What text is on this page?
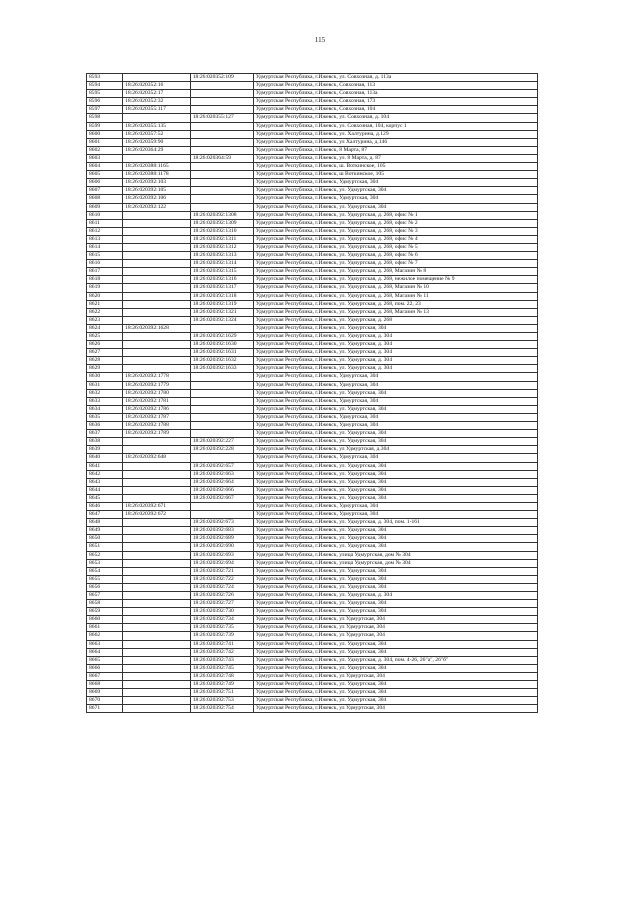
115
8593		18:26:020352:109	Удмуртская Республика, г.Ижевск, ул. Совхозная, д. 113а
8594	18:26:020352:16		Удмуртская Республика, г.Ижевск, Совхозная, 113
8595	18:26:020352:17		Удмуртская Республика, г.Ижевск, Совхозная, 113а
8596	18:26:020352:32		Удмуртская Республика, г.Ижевск, Совхозная, 173
8597	18:26:020355:117		Удмуртская Республика, г.Ижевск, Совхозная, 104
8598		18:26:020355:127	Удмуртская Республика, г.Ижевск, ул. Совхозная, д. 104
8599	18:26:020355:135		Удмуртская Республика, г.Ижевск, ул. Совхозная, 104, корпус 1
8600	18:26:020357:52		Удмуртская Республика, г.Ижевск, ул. Халтурина, д.129
8601	18:26:020359:90		Удмуртская Республика, г.Ижевск, ул Халтурина, д.146
8602	18:26:020364:29		Удмуртская Республика, г.Ижевск, 8 Марта, 87
8603		18:26:020364:59	Удмуртская Республика, г.Ижевск, ул. 8 Марта, д. 87
8604	18:26:020388:1165		Удмуртская Республика, г.Ижевск, ш. Воткинское, 105
8605	18:26:020388:1178		Удмуртская Республика, г.Ижевск, ш Воткинское, 105
8606	18:26:020392:103		Удмуртская Республика, г.Ижевск, Удмуртская, 304
8607	18:26:020392:105		Удмуртская Республика, г.Ижевск, ул. Удмуртская, 304
8608	18:26:020392:106		Удмуртская Республика, г.Ижевск, Удмуртская, 304
8609	18:26:020392:122		Удмуртская Республика, г.Ижевск, ул. Удмуртская, 304
8610		18:26:020392:1308	Удмуртская Республика, г.Ижевск, ул. Удмуртская, д. 268, офис № 1
8611		18:26:020392:1309	Удмуртская Республика, г.Ижевск, ул. Удмуртская, д. 268, офис № 2
8612		18:26:020392:1310	Удмуртская Республика, г.Ижевск, ул. Удмуртская, д. 268, офис № 3
8613		18:26:020392:1311	Удмуртская Республика, г.Ижевск, ул. Удмуртская, д. 268, офис № 4
8614		18:26:020392:1312	Удмуртская Республика, г.Ижевск, ул. Удмуртская, д. 268, офис № 5
8615		18:26:020392:1313	Удмуртская Республика, г.Ижевск, ул. Удмуртская, д. 268, офис № 6
8616		18:26:020392:1314	Удмуртская Республика, г.Ижевск, ул. Удмуртская, д. 268, офис № 7
8617		18:26:020392:1315	Удмуртская Республика, г.Ижевск, ул. Удмуртская, д. 268, Магазин № 8
8618		18:26:020392:1316	Удмуртская Республика, г.Ижевск, ул. Удмуртская, д. 268, нежилое помещение № 9
8619		18:26:020392:1317	Удмуртская Республика, г.Ижевск, ул. Удмуртская, д. 268, Магазин № 10
8620		18:26:020392:1318	Удмуртская Республика, г.Ижевск, ул. Удмуртская, д. 268, Магазин № 11
8621		18:26:020392:1319	Удмуртская Республика, г.Ижевск, ул. Удмуртская, д. 268, пом. 22, 23
8622		18:26:020392:1321	Удмуртская Республика, г.Ижевск, ул. Удмуртская, д. 268, Магазин № 13
8623		18:26:020392:1324	Удмуртская Республика, г.Ижевск, ул. Удмуртская, д. 268
8624	18:26:020392:1628		Удмуртская Республика, г.Ижевск, ул. Удмуртская, 304
8625		18:26:020392:1629	Удмуртская Республика, г.Ижевск, ул. Удмуртская, д. 304
8626		18:26:020392:1630	Удмуртская Республика, г.Ижевск, ул. Удмуртская, д. 304
8627		18:26:020392:1631	Удмуртская Республика, г.Ижевск, ул. Удмуртская, д. 304
8628		18:26:020392:1632	Удмуртская Республика, г.Ижевск, ул. Удмуртская, д. 304
8629		18:26:020392:1633	Удмуртская Республика, г.Ижевск, ул. Удмуртская, д. 304
8630	18:26:020392:1778		Удмуртская Республика, г.Ижевск, Удмуртская, 304
8631	18:26:020392:1779		Удмуртская Республика, г.Ижевск, Удмуртская, 304
8632	18:26:020392:1780		Удмуртская Республика, г.Ижевск, ул. Удмуртская, 304
8633	18:26:020392:1781		Удмуртская Республика, г.Ижевск, Удмуртская, 304
8634	18:26:020392:1786		Удмуртская Республика, г.Ижевск, ул. Удмуртская, 304
8635	18:26:020392:1787		Удмуртская Республика, г.Ижевск, Удмуртская, 304
8636	18:26:020392:1788		Удмуртская Республика, г.Ижевск, Удмуртская, 304
8637	18:26:020392:1789		Удмуртская Республика, г.Ижевск, ул. Удмуртская, 304
8638		18:26:020392:227	Удмуртская Республика, г.Ижевск, ул. Удмуртская, 304
8639		18:26:020392:228	Удмуртская Республика, г.Ижевск, ул Удмуртская, д.304
8640	18:26:020392:648		Удмуртская Республика, г.Ижевск, Удмуртская, 304
8641		18:26:020392:657	Удмуртская Республика, г.Ижевск, ул. Удмуртская, 304
8642		18:26:020392:663	Удмуртская Республика, г.Ижевск, ул. Удмуртская, 304
8643		18:26:020392:664	Удмуртская Республика, г.Ижевск, ул. Удмуртская, 304
8644		18:26:020392:666	Удмуртская Республика, г.Ижевск, ул. Удмуртская, 304
8645		18:26:020392:667	Удмуртская Республика, г.Ижевск, ул. Удмуртская, 304
8646	18:26:020392:671		Удмуртская Республика, г.Ижевск, Удмуртская, 304
8647	18:26:020392:672		Удмуртская Республика, г.Ижевск, Удмуртская, 304
8648		18:26:020392:673	Удмуртская Республика, г.Ижевск, ул. Удмуртская, д. 304, пом. 1-161
8649		18:26:020392:683	Удмуртская Республика, г.Ижевск, ул. Удмуртская, 304
8650		18:26:020392:689	Удмуртская Республика, г.Ижевск, ул. Удмуртская, 304
8651		18:26:020392:690	Удмуртская Республика, г.Ижевск, ул. Удмуртская, 304
8652		18:26:020392:693	Удмуртская Республика, г.Ижевск, улица Удмуртская, дом № 304
8653		18:26:020392:694	Удмуртская Республика, г.Ижевск, улица Удмуртская, дом № 304
8654		18:26:020392:721	Удмуртская Республика, г.Ижевск, ул. Удмуртская, 304
8655		18:26:020392:722	Удмуртская Республика, г.Ижевск, ул. Удмуртская, 304
8656		18:26:020392:724	Удмуртская Республика, г.Ижевск, ул. Удмуртская, 304
8657		18:26:020392:726	Удмуртская Республика, г.Ижевск, ул. Удмуртская, д. 304
8658		18:26:020392:727	Удмуртская Республика, г.Ижевск, ул. Удмуртская, 304
8659		18:26:020392:730	Удмуртская Республика, г.Ижевск, ул. Удмуртская, 304
8660		18:26:020392:734	Удмуртская Республика, г.Ижевск, ул Удмуртская, 304
8661		18:26:020392:735	Удмуртская Республика, г.Ижевск, ул Удмуртская, 304
8662		18:26:020392:739	Удмуртская Республика, г.Ижевск, ул Удмуртская, 304
8663		18:26:020392:741	Удмуртская Республика, г.Ижевск, ул. Удмуртская, 304
8664		18:26:020392:742	Удмуртская Республика, г.Ижевск, ул. Удмуртская, 304
8665		18:26:020392:743	Удмуртская Республика, г.Ижевск, ул. Удмуртская, д. 304, пом. 4-26, 26"а", 26"б"
8666		18:26:020392:745	Удмуртская Республика, г.Ижевск, ул. Удмуртская, 304
8667		18:26:020392:748	Удмуртская Республика, г.Ижевск, ул Удмуртская, 304
8668		18:26:020392:749	Удмуртская Республика, г.Ижевск, ул. Удмуртская, 304
8669		18:26:020392:751	Удмуртская Республика, г.Ижевск, ул. Удмуртская, 304
8670		18:26:020392:753	Удмуртская Республика, г.Ижевск, ул. Удмуртская, 304
8671		18:26:020392:754	Удмуртская Республика, г.Ижевск, ул Удмуртская, 304
